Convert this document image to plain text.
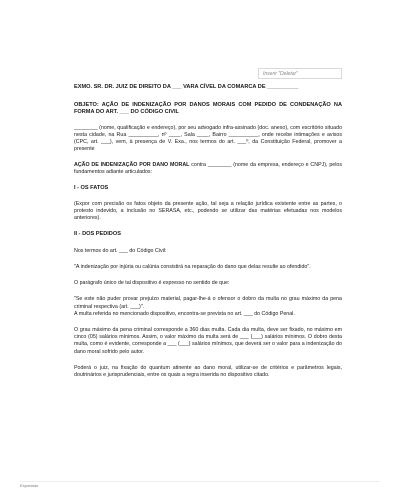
Inserir "Deletar"

EXMO. SR. DR. JUIZ DE DIREITO DA ___ VARA CÍVEL DA COMARCA DE __________

OBJETO: AÇÃO DE INDENIZAÇÃO POR DANOS MORAIS COM PEDIDO DE CONDENAÇÃO NA FORMA DO ART. ___ DO CÓDIGO CIVIL

________ (nome, qualificação e endereço), por seu advogado infra-assinado (doc. anexo), com escritório situado nesta cidade, na Rua __________, nº ____, Sala ____, Bairro __________, onde recebe intimações e avisos (CPC, art. ___), vem, à presença de V. Exa., nos termos do art. ___º, da Constituição Federal, promover a presente

AÇÃO DE INDENIZAÇÃO POR DANO MORAL contra ________ (nome da empresa, endereço e CNPJ), pelos fundamentos adiante articulados:

I - OS FATOS

(Expor com precisão os fatos objeto da presente ação, tal seja a relação jurídica existente entre as partes, o protesto indevido, a inclusão no SERASA, etc., podendo se utilizar das matérias efetuadas nos modelos anteriores).

II - DOS PEDIDOS

Nos termos do art. ___ do Código Civil:

"A indenização por injúria ou calúnia consistirá na reparação do dano que delas resulte ao ofendido".

O parágrafo único de tal dispositivo é expresso no sentido de que:

"Se este não puder provar prejuízo material, pagar-lhe-á o ofensor o dobro da multa no grau máximo da pena criminal respectiva (art. ___)".

A multa referida no mencionado dispositivo, encontra-se prevista no art. ___ do Código Penal.

O grau máximo da pena criminal corresponde a 360 dias multa. Cada dia multa, deve ser fixado, no máximo em cinco (05) salários mínimos. Assim, o valor máximo da multa será de ___ (___) salários mínimos. O dobro desta multa, como é evidente, corresponde a ___ (___) salários mínimos, que deverá ser o valor para a indenização do dano moral sofrido pelo autor.

Poderá o juiz, na fixação do quantum atinente ao dano moral, utilizar-se de critérios e parâmetros legais, doutrinários e jurisprudenciais, entre os quais a regra inserida no dispositivo citado.

Exportado
